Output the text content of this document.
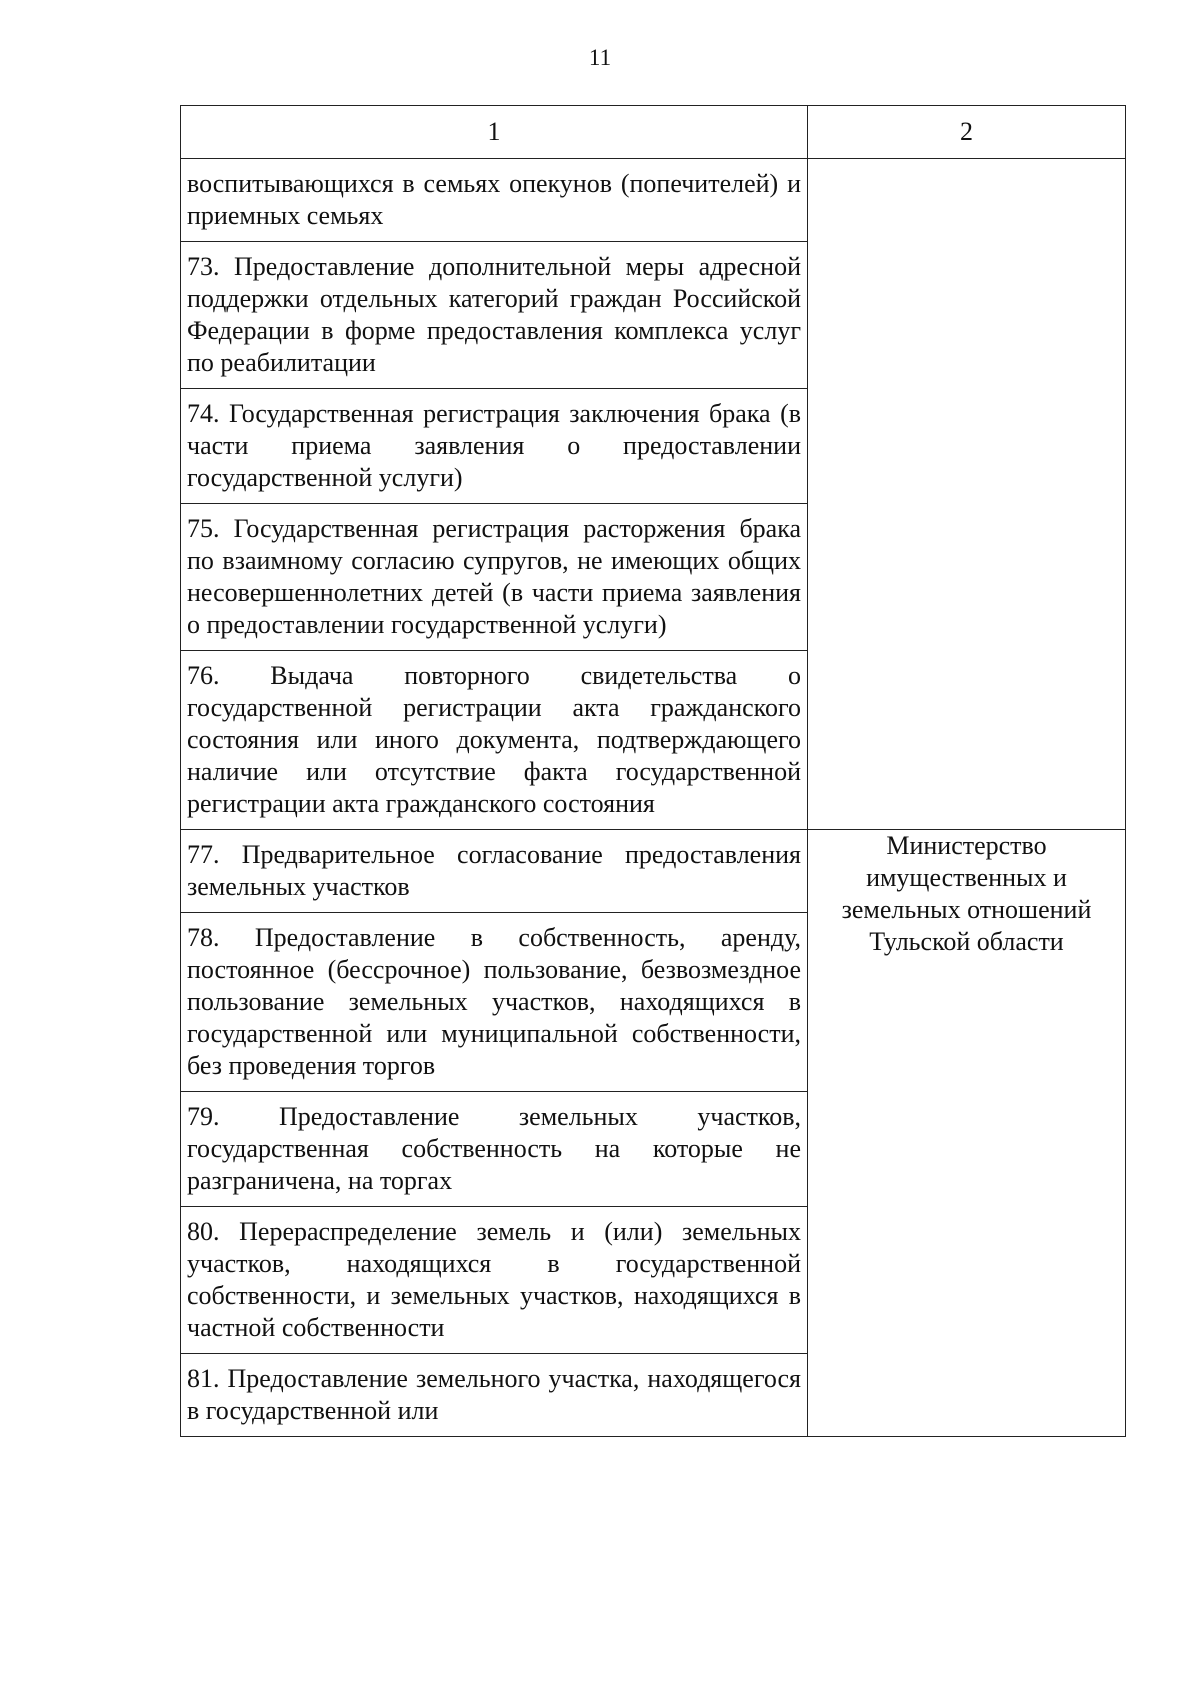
11
1	2

воспитывающихся в семьях опекунов (попечителей) и приемных семьях	

73. Предоставление дополнительной меры адресной поддержки отдельных категорий граждан Российской Федерации в форме предоставления комплекса услуг по реабилитации	

74. Государственная регистрация заключения брака (в части приема заявления о предоставлении государственной услуги)	

75. Государственная регистрация расторжения брака по взаимному согласию супругов, не имеющих общих несовершеннолетних детей (в части приема заявления о предоставлении государственной услуги)	

76. Выдача повторного свидетельства о государственной регистрации акта гражданского состояния или иного документа, подтверждающего наличие или отсутствие факта государственной регистрации акта гражданского состояния	

77. Предварительное согласование предоставления земельных участков	Министерство
имущественных и
земельных отношений
Тульской области

78. Предоставление в собственность, аренду, постоянное (бессрочное) пользование, безвозмездное пользование земельных участков, находящихся в государственной или муниципальной собственности, без проведения торгов	

79. Предоставление земельных участков, государственная собственность на которые не разграничена, на торгах	

80. Перераспределение земель и (или) земельных участков, находящихся в государственной собственности, и земельных участков, находящихся в частной собственности	

81. Предоставление земельного участка, находящегося в государственной или	
